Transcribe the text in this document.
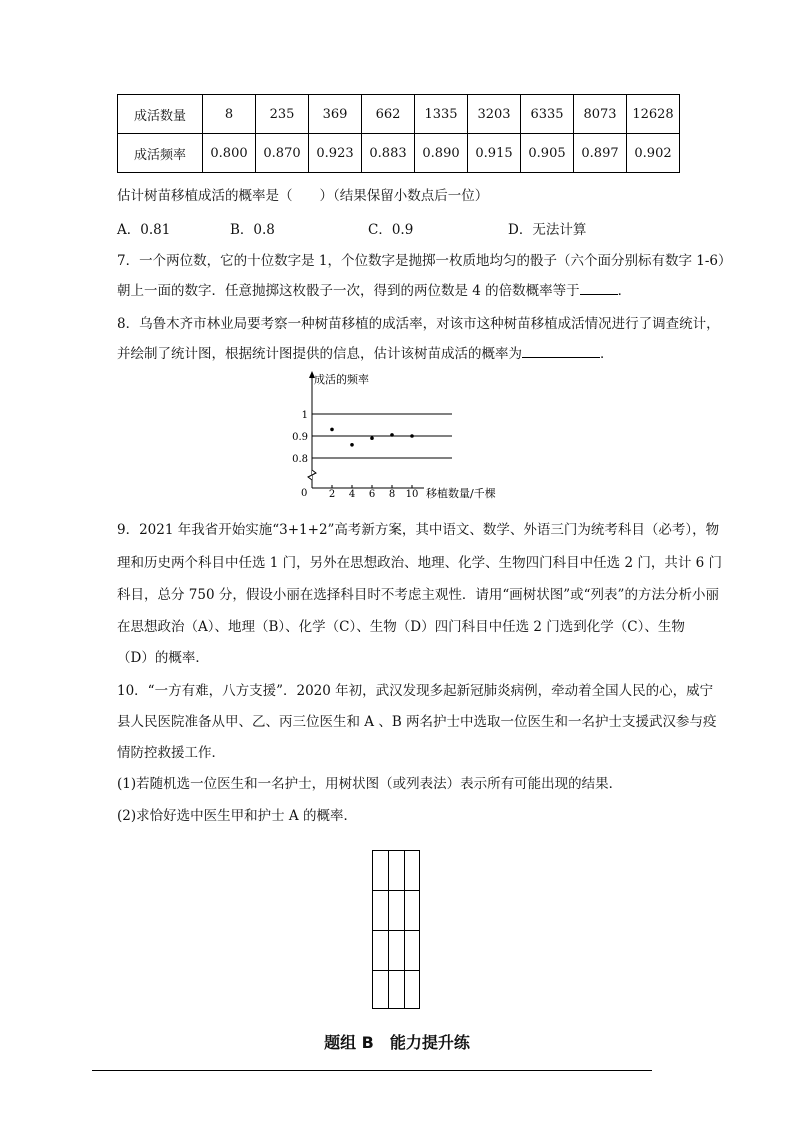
成活数量	8	235	369	662	1335	3203	6335	8073	12628
成活频率	0.800	0.870	0.923	0.883	0.890	0.915	0.905	0.897	0.902
估计树苗移植成活的概率是（　　）（结果保留小数点后一位）
A．0.81	B．0.8	C．0.9	D．无法计算
7．一个两位数，它的十位数字是 1，个位数字是抛掷一枚质地均匀的骰子（六个面分别标有数字 1-6）
朝上一面的数字．任意抛掷这枚骰子一次，得到的两位数是 4 的倍数概率等于	．
8．乌鲁木齐市林业局要考察一种树苗移植的成活率，对该市这种树苗移植成活情况进行了调查统计，
并绘制了统计图，根据统计图提供的信息，估计该树苗成活的概率为	．
成活的频率
移植数量/千棵
0
1
0.9
0.8
2 4 6 8 10
9．2021 年我省开始实施“3+1+2”高考新方案，其中语文、数学、外语三门为统考科目（必考），物
理和历史两个科目中任选 1 门，另外在思想政治、地理、化学、生物四门科目中任选 2 门，共计 6 门
科目，总分 750 分，假设小丽在选择科目时不考虑主观性．请用“画树状图”或“列表”的方法分析小丽
在思想政治（A）、地理（B）、化学（C）、生物（D）四门科目中任选 2 门选到化学（C）、生物
（D）的概率．
10．“一方有难，八方支援”．2020 年初，武汉发现多起新冠肺炎病例，牵动着全国人民的心，威宁
县人民医院准备从甲、乙、丙三位医生和 A 、B 两名护士中选取一位医生和一名护士支援武汉参与疫
情防控救援工作．
(1)若随机选一位医生和一名护士，用树状图（或列表法）表示所有可能出现的结果．
(2)求恰好选中医生甲和护士 A 的概率．
题组 B　能力提升练
